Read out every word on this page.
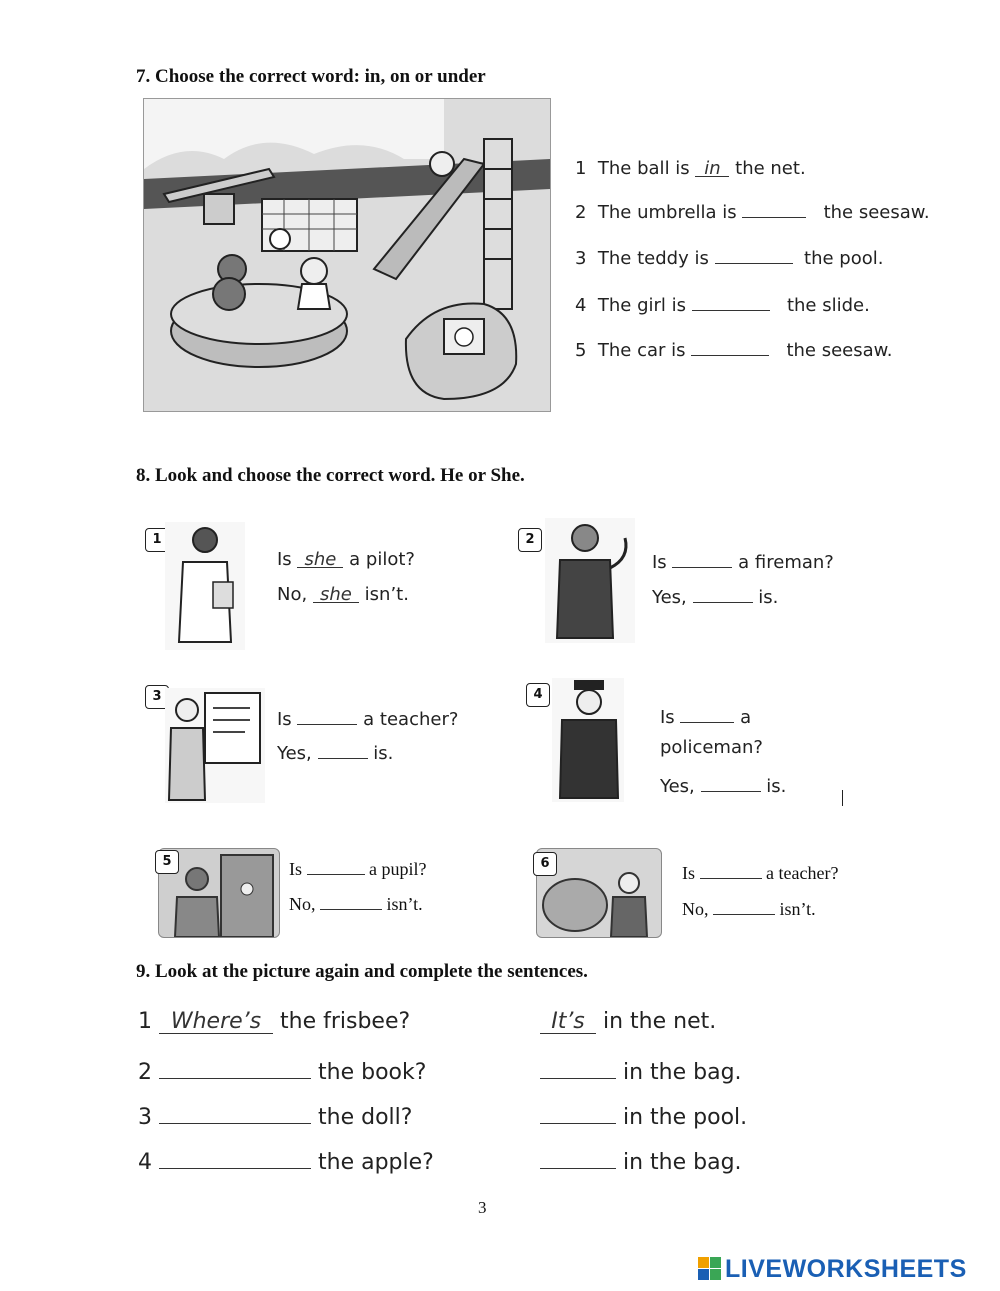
7. Choose the correct word: in, on or under
1 The ball is in the net.
2 The umbrella is	the seesaw.
3 The teddy is	the pool.
4 The girl is	the slide.
5 The car is	the seesaw.
8. Look and choose the correct word. He or She.
1
Is she a pilot?
No, she isn’t.
2
Is	a fireman?
Yes,	is.
3
Is	a teacher?
Yes,	is.
4
Is	a
policeman?
Yes,	is.
5	Is	a pupil?
No,	isn’t.
6	Is	a teacher?
No,	isn’t.
9. Look at the picture again and complete the sentences.
1 Where’s the frisbee?	It’s in the net.
2	the book?	in the bag.
3	the doll?	in the pool.
4	the apple?	in the bag.
3
LIVEWORKSHEETS
